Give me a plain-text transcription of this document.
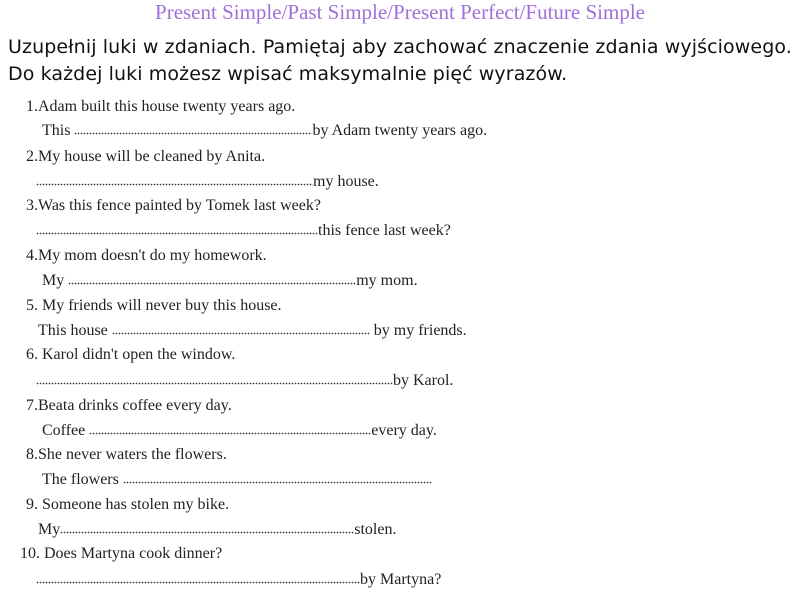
Present Simple/Past Simple/Present Perfect/Future Simple
Uzupełnij luki w zdaniach. Pamiętaj aby zachować znaczenie zdania wyjściowego. Do każdej luki możesz wpisać maksymalnie pięć wyrazów.
1.Adam built this house twenty years ago.
This	by Adam twenty years ago.
2.My house will be cleaned by Anita.
my house.
3.Was this fence painted by Tomek last week?
this fence last week?
4.My mom doesn't do my homework.
My	my mom.
5. My friends will never buy this house.
This house	by my friends.
6. Karol didn't open the window.
by Karol.
7.Beata drinks coffee every day.
Coffee	every day.
8.She never waters the flowers.
The flowers
9. Someone has stolen my bike.
My	stolen.
10. Does Martyna cook dinner?
by Martyna?
